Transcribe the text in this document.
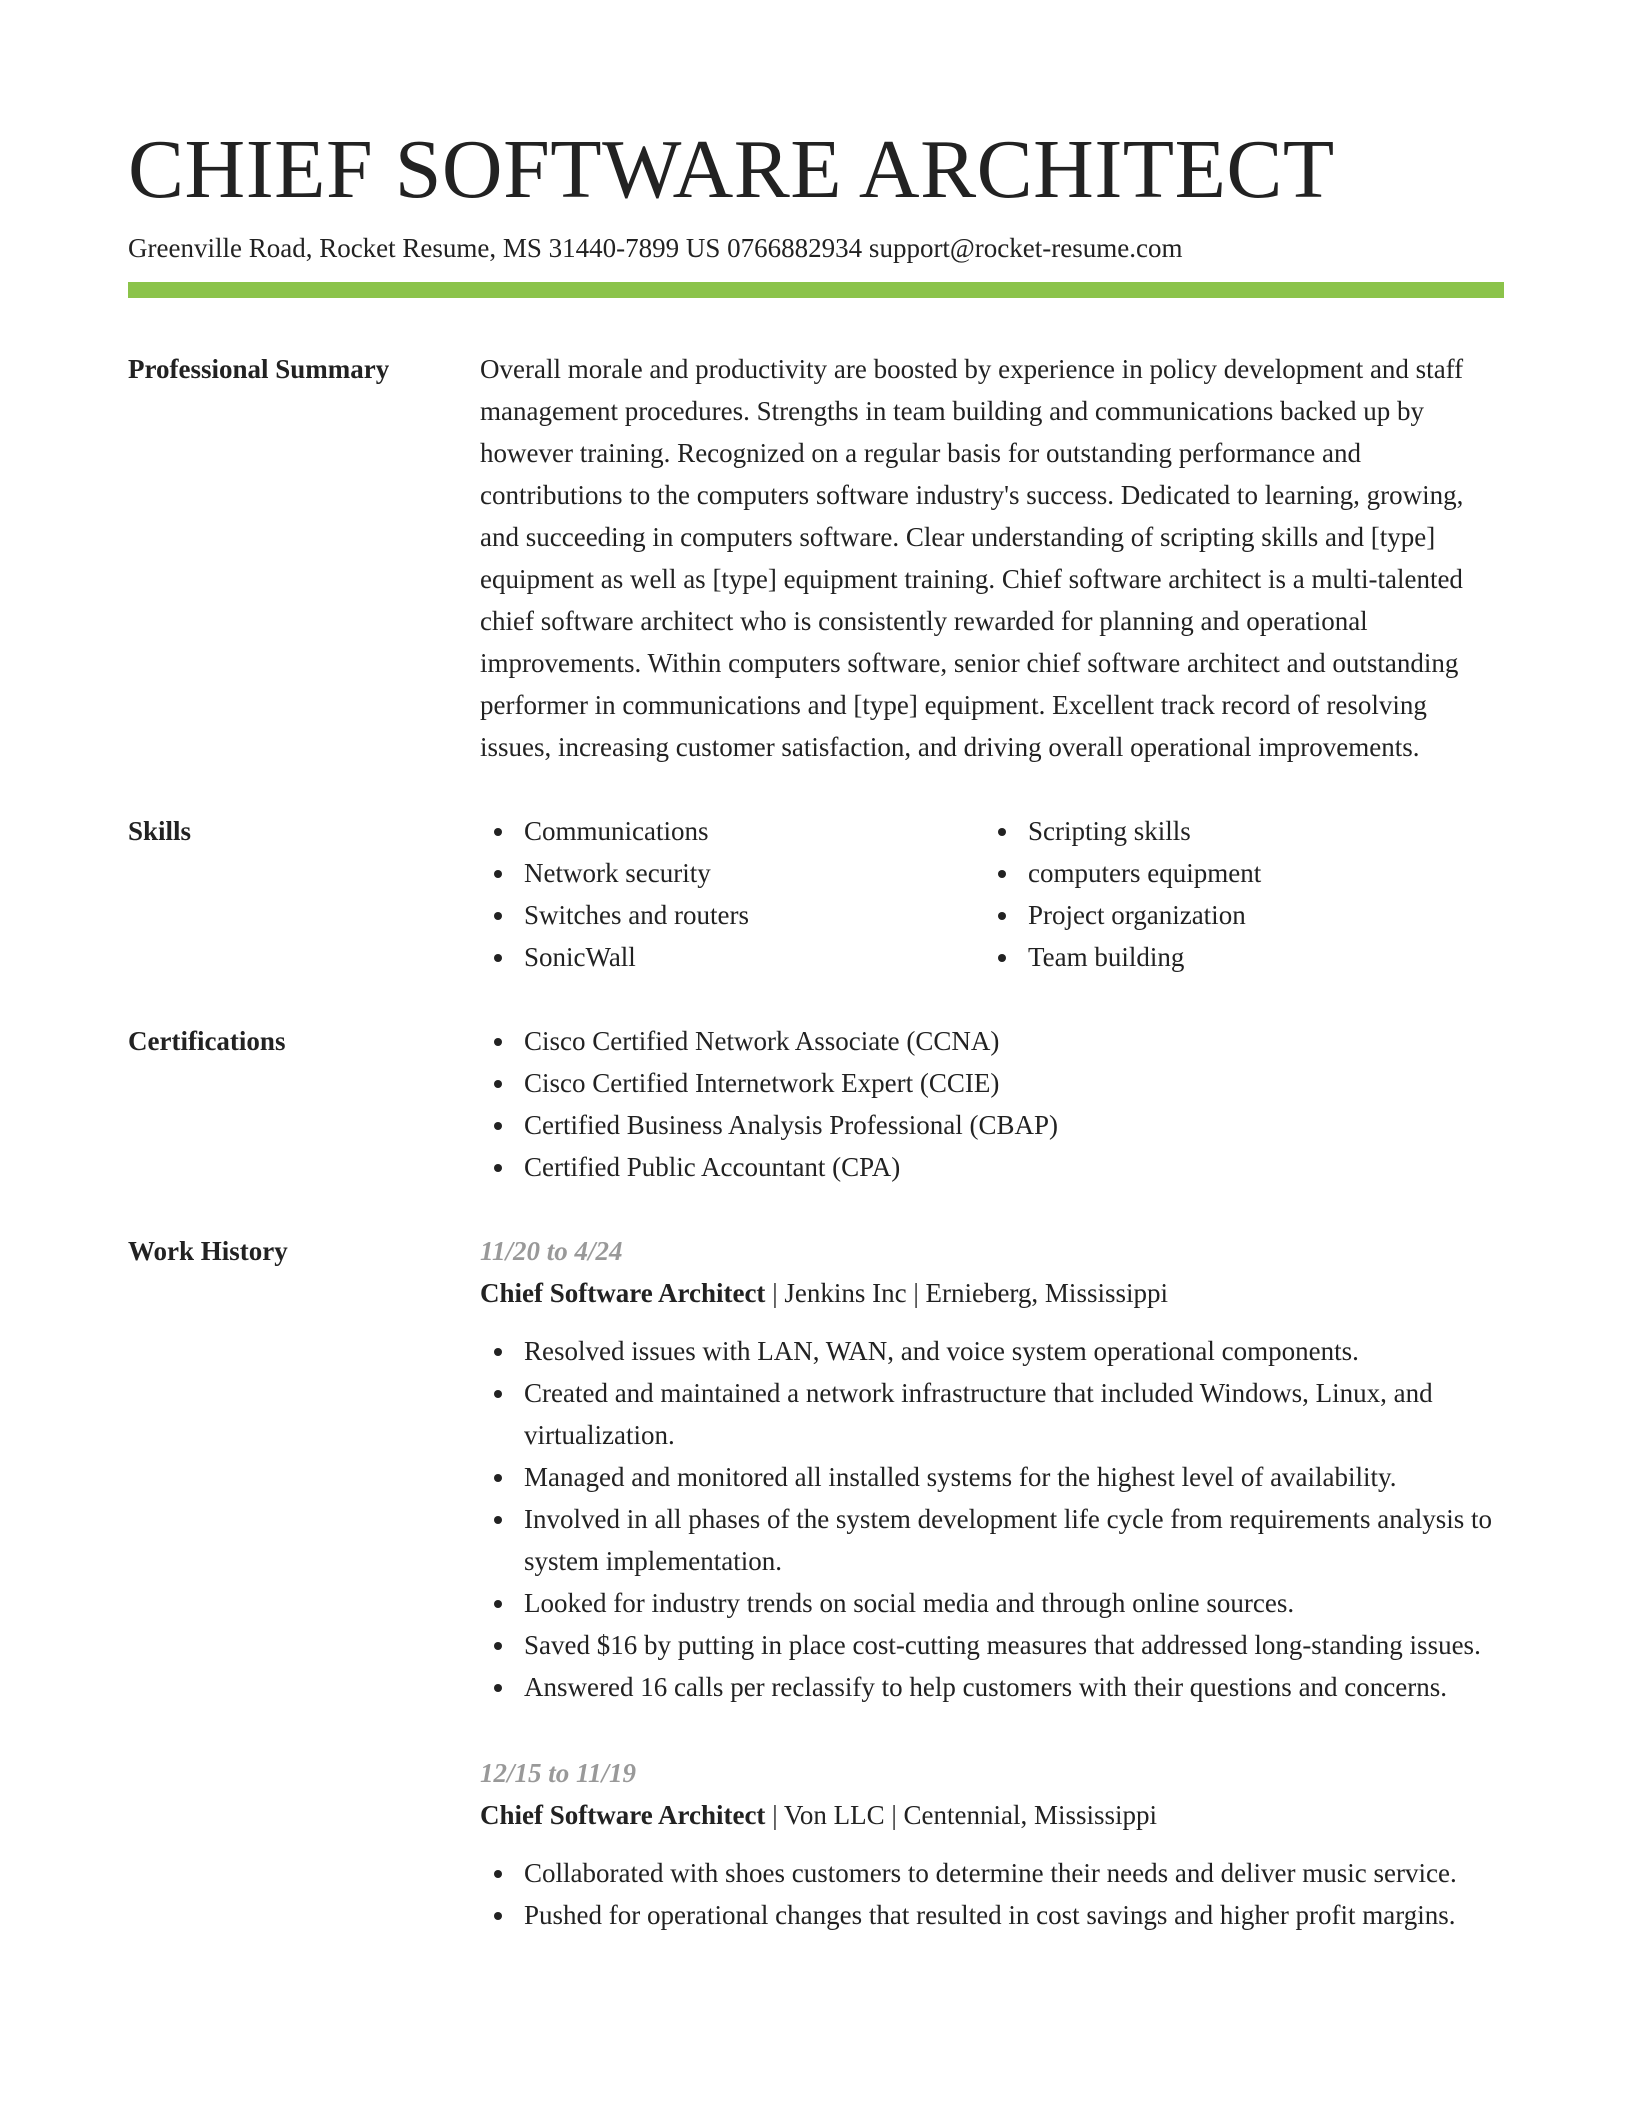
CHIEF SOFTWARE ARCHITECT
Greenville Road, Rocket Resume, MS 31440-7899 US 0766882934 support@rocket-resume.com
Professional Summary	Overall morale and productivity are boosted by experience in policy development and staff management procedures. Strengths in team building and communications backed up by however training. Recognized on a regular basis for outstanding performance and contributions to the computers software industry's success. Dedicated to learning, growing, and succeeding in computers software. Clear understanding of scripting skills and [type] equipment as well as [type] equipment training. Chief software architect is a multi-talented chief software architect who is consistently rewarded for planning and operational improvements. Within computers software, senior chief software architect and outstanding performer in communications and [type] equipment. Excellent track record of resolving issues, increasing customer satisfaction, and driving overall operational improvements.
Skills	Communications
Network security
Switches and routers
SonicWall
Scripting skills
computers equipment
Project organization
Team building
Certifications	Cisco Certified Network Associate (CCNA)
Cisco Certified Internetwork Expert (CCIE)
Certified Business Analysis Professional (CBAP)
Certified Public Accountant (CPA)
Work History	11/20 to 4/24
Chief Software Architect | Jenkins Inc | Ernieberg, Mississippi
Resolved issues with LAN, WAN, and voice system operational components.
Created and maintained a network infrastructure that included Windows, Linux, and virtualization.
Managed and monitored all installed systems for the highest level of availability.
Involved in all phases of the system development life cycle from requirements analysis to system implementation.
Looked for industry trends on social media and through online sources.
Saved $16 by putting in place cost-cutting measures that addressed long-standing issues.
Answered 16 calls per reclassify to help customers with their questions and concerns.
12/15 to 11/19
Chief Software Architect | Von LLC | Centennial, Mississippi
Collaborated with shoes customers to determine their needs and deliver music service.
Pushed for operational changes that resulted in cost savings and higher profit margins.
